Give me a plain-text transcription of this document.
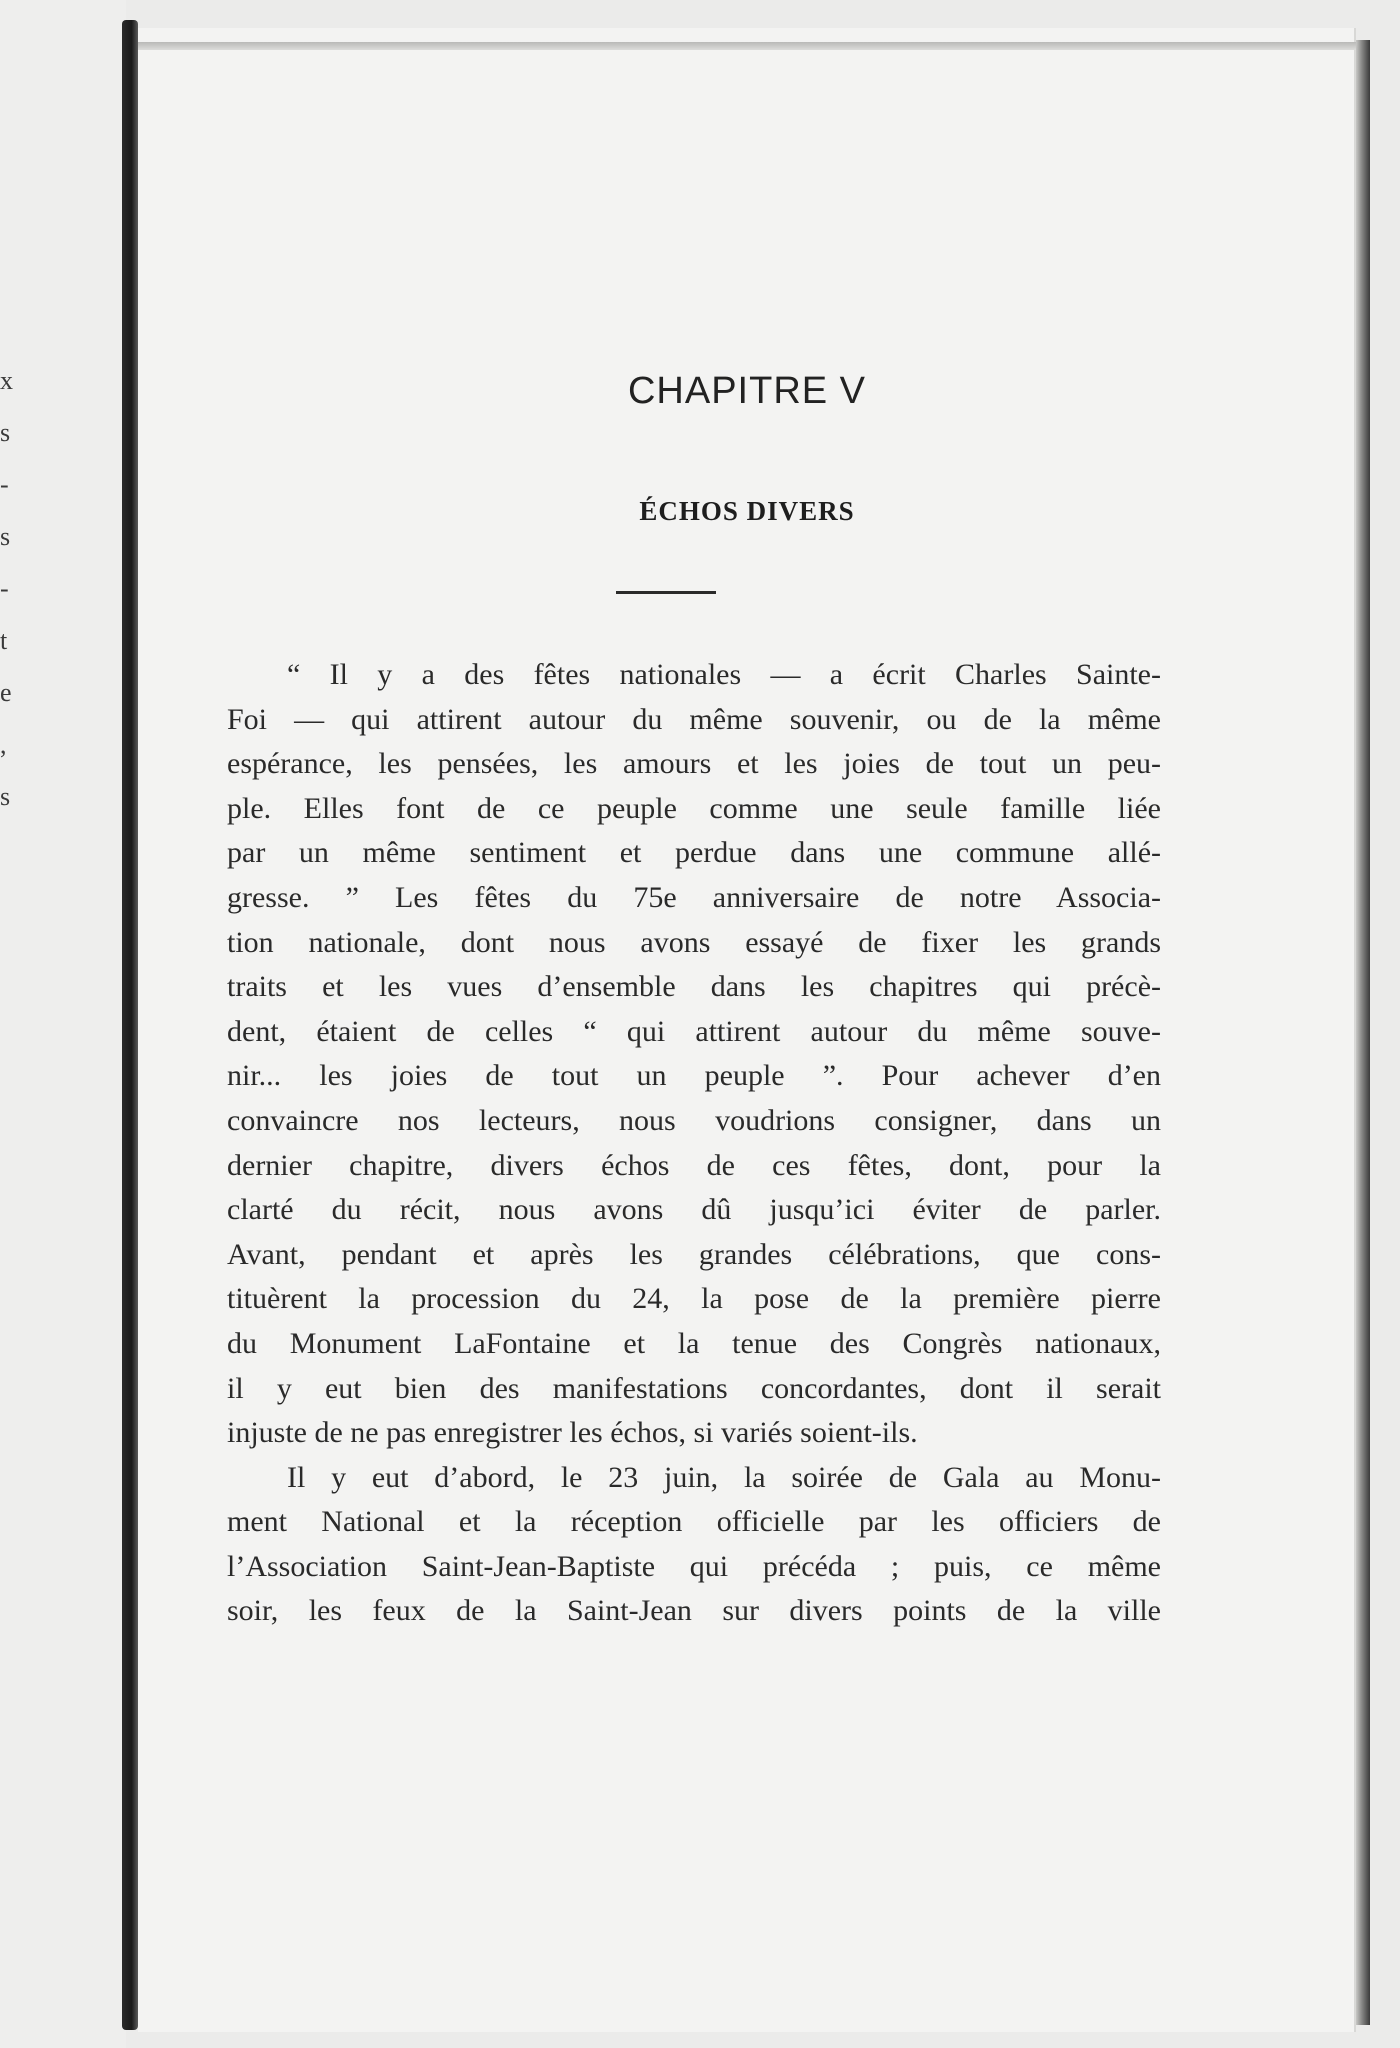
x
s
-
s
-
t
e
,
s
CHAPITRE V
ÉCHOS DIVERS

“ Il y a des fêtes nationales — a écrit Charles Sainte-
Foi — qui attirent autour du même souvenir, ou de la même
espérance, les pensées, les amours et les joies de tout un peu-
ple. Elles font de ce peuple comme une seule famille liée
par un même sentiment et perdue dans une commune allé-
gresse. ” Les fêtes du 75e anniversaire de notre Associa-
tion nationale, dont nous avons essayé de fixer les grands
traits et les vues d’ensemble dans les chapitres qui précè-
dent, étaient de celles “ qui attirent autour du même souve-
nir... les joies de tout un peuple ”. Pour achever d’en
convaincre nos lecteurs, nous voudrions consigner, dans un
dernier chapitre, divers échos de ces fêtes, dont, pour la
clarté du récit, nous avons dû jusqu’ici éviter de parler.
Avant, pendant et après les grandes célébrations, que cons-
tituèrent la procession du 24, la pose de la première pierre
du Monument LaFontaine et la tenue des Congrès nationaux,
il y eut bien des manifestations concordantes, dont il serait
injuste de ne pas enregistrer les échos, si variés soient-ils.

Il y eut d’abord, le 23 juin, la soirée de Gala au Monu-
ment National et la réception officielle par les officiers de
l’Association Saint-Jean-Baptiste qui précéda ; puis, ce même
soir, les feux de la Saint-Jean sur divers points de la ville
